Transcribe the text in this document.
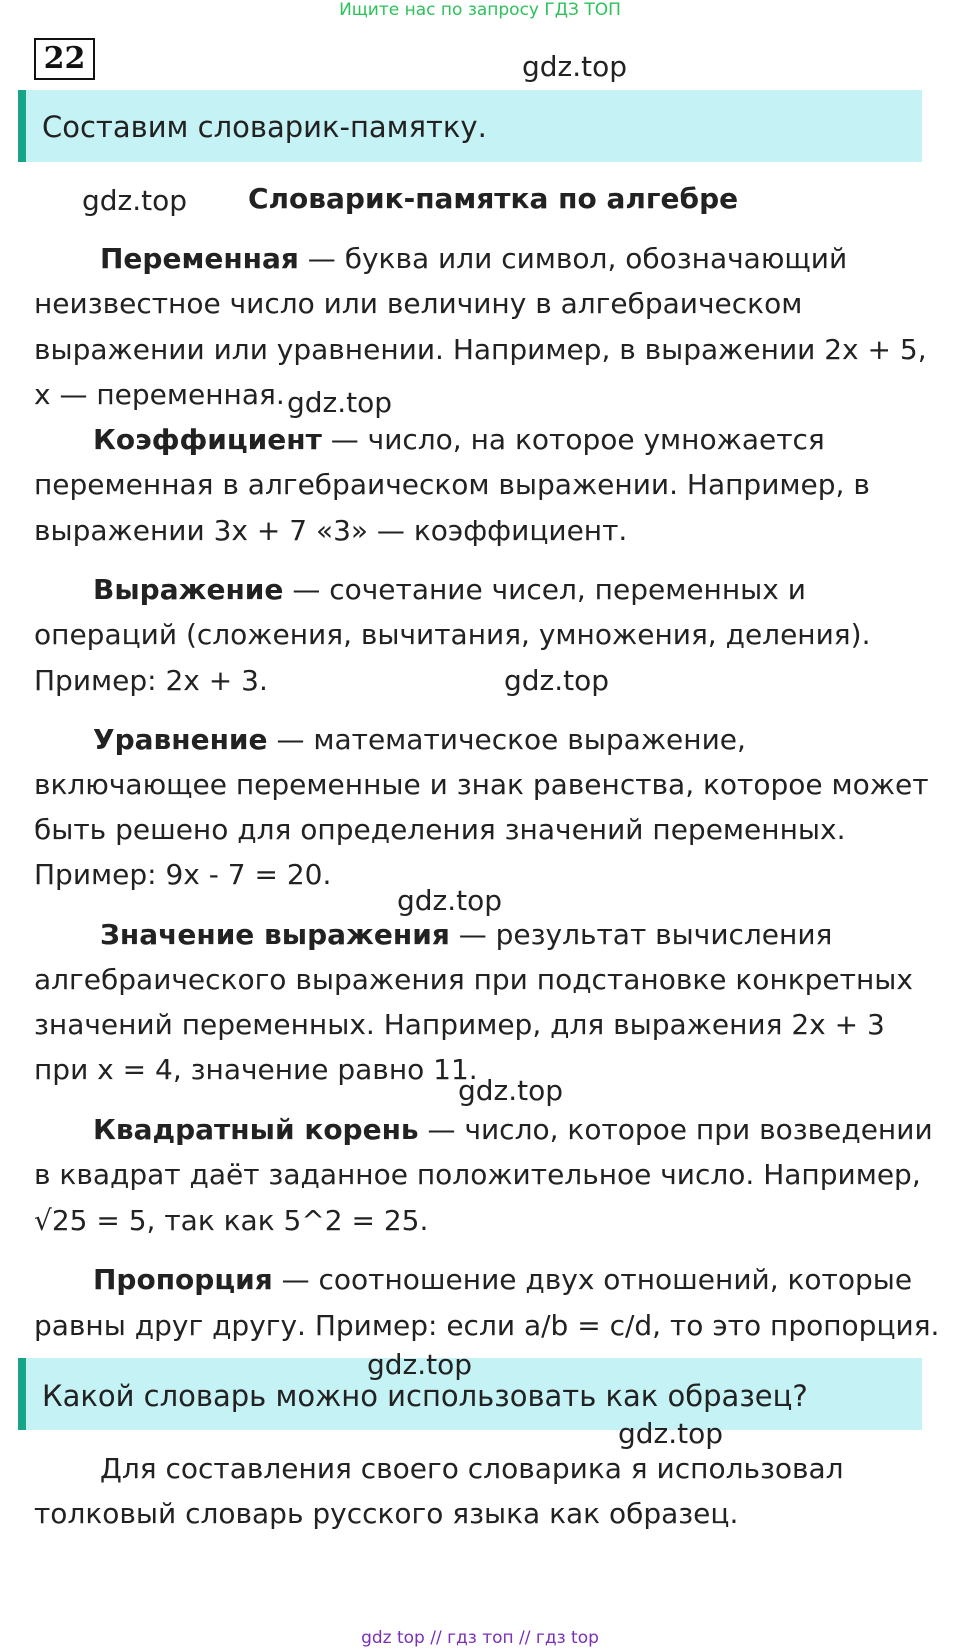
Ищите нас по запросу ГДЗ ТОП
22	gdz.top
Составим словарик-памятку.
gdz.top Словарик-памятка по алгебре
Переменная — буква или символ, обозначающий
неизвестное число или величину в алгебраическом
выражении или уравнении. Например, в выражении 2x + 5,
x — переменная. gdz.top
Коэффициент — число, на которое умножается
переменная в алгебраическом выражении. Например, в
выражении 3x + 7 «3» — коэффициент.
Выражение — сочетание чисел, переменных и
операций (сложения, вычитания, умножения, деления).
Пример: 2x + 3.	gdz.top
Уравнение — математическое выражение,
включающее переменные и знак равенства, которое может
быть решено для определения значений переменных.
Пример: 9x - 7 = 20.
gdz.top
Значение выражения — результат вычисления
алгебраического выражения при подстановке конкретных
значений переменных. Например, для выражения 2x + 3
при x = 4, значение равно 11.
gdz.top
Квадратный корень — число, которое при возведении
в квадрат даёт заданное положительное число. Например,
√25 = 5, так как 5^2 = 25.
Пропорция — соотношение двух отношений, которые
равны друг другу. Пример: если a/b = c/d, то это пропорция.
Какой словарь можно использовать как образец?
gdz.top
gdz.top
Для составления своего словарика я использовал
толковый словарь русского языка как образец.
gdz top // гдз топ // гдз top
